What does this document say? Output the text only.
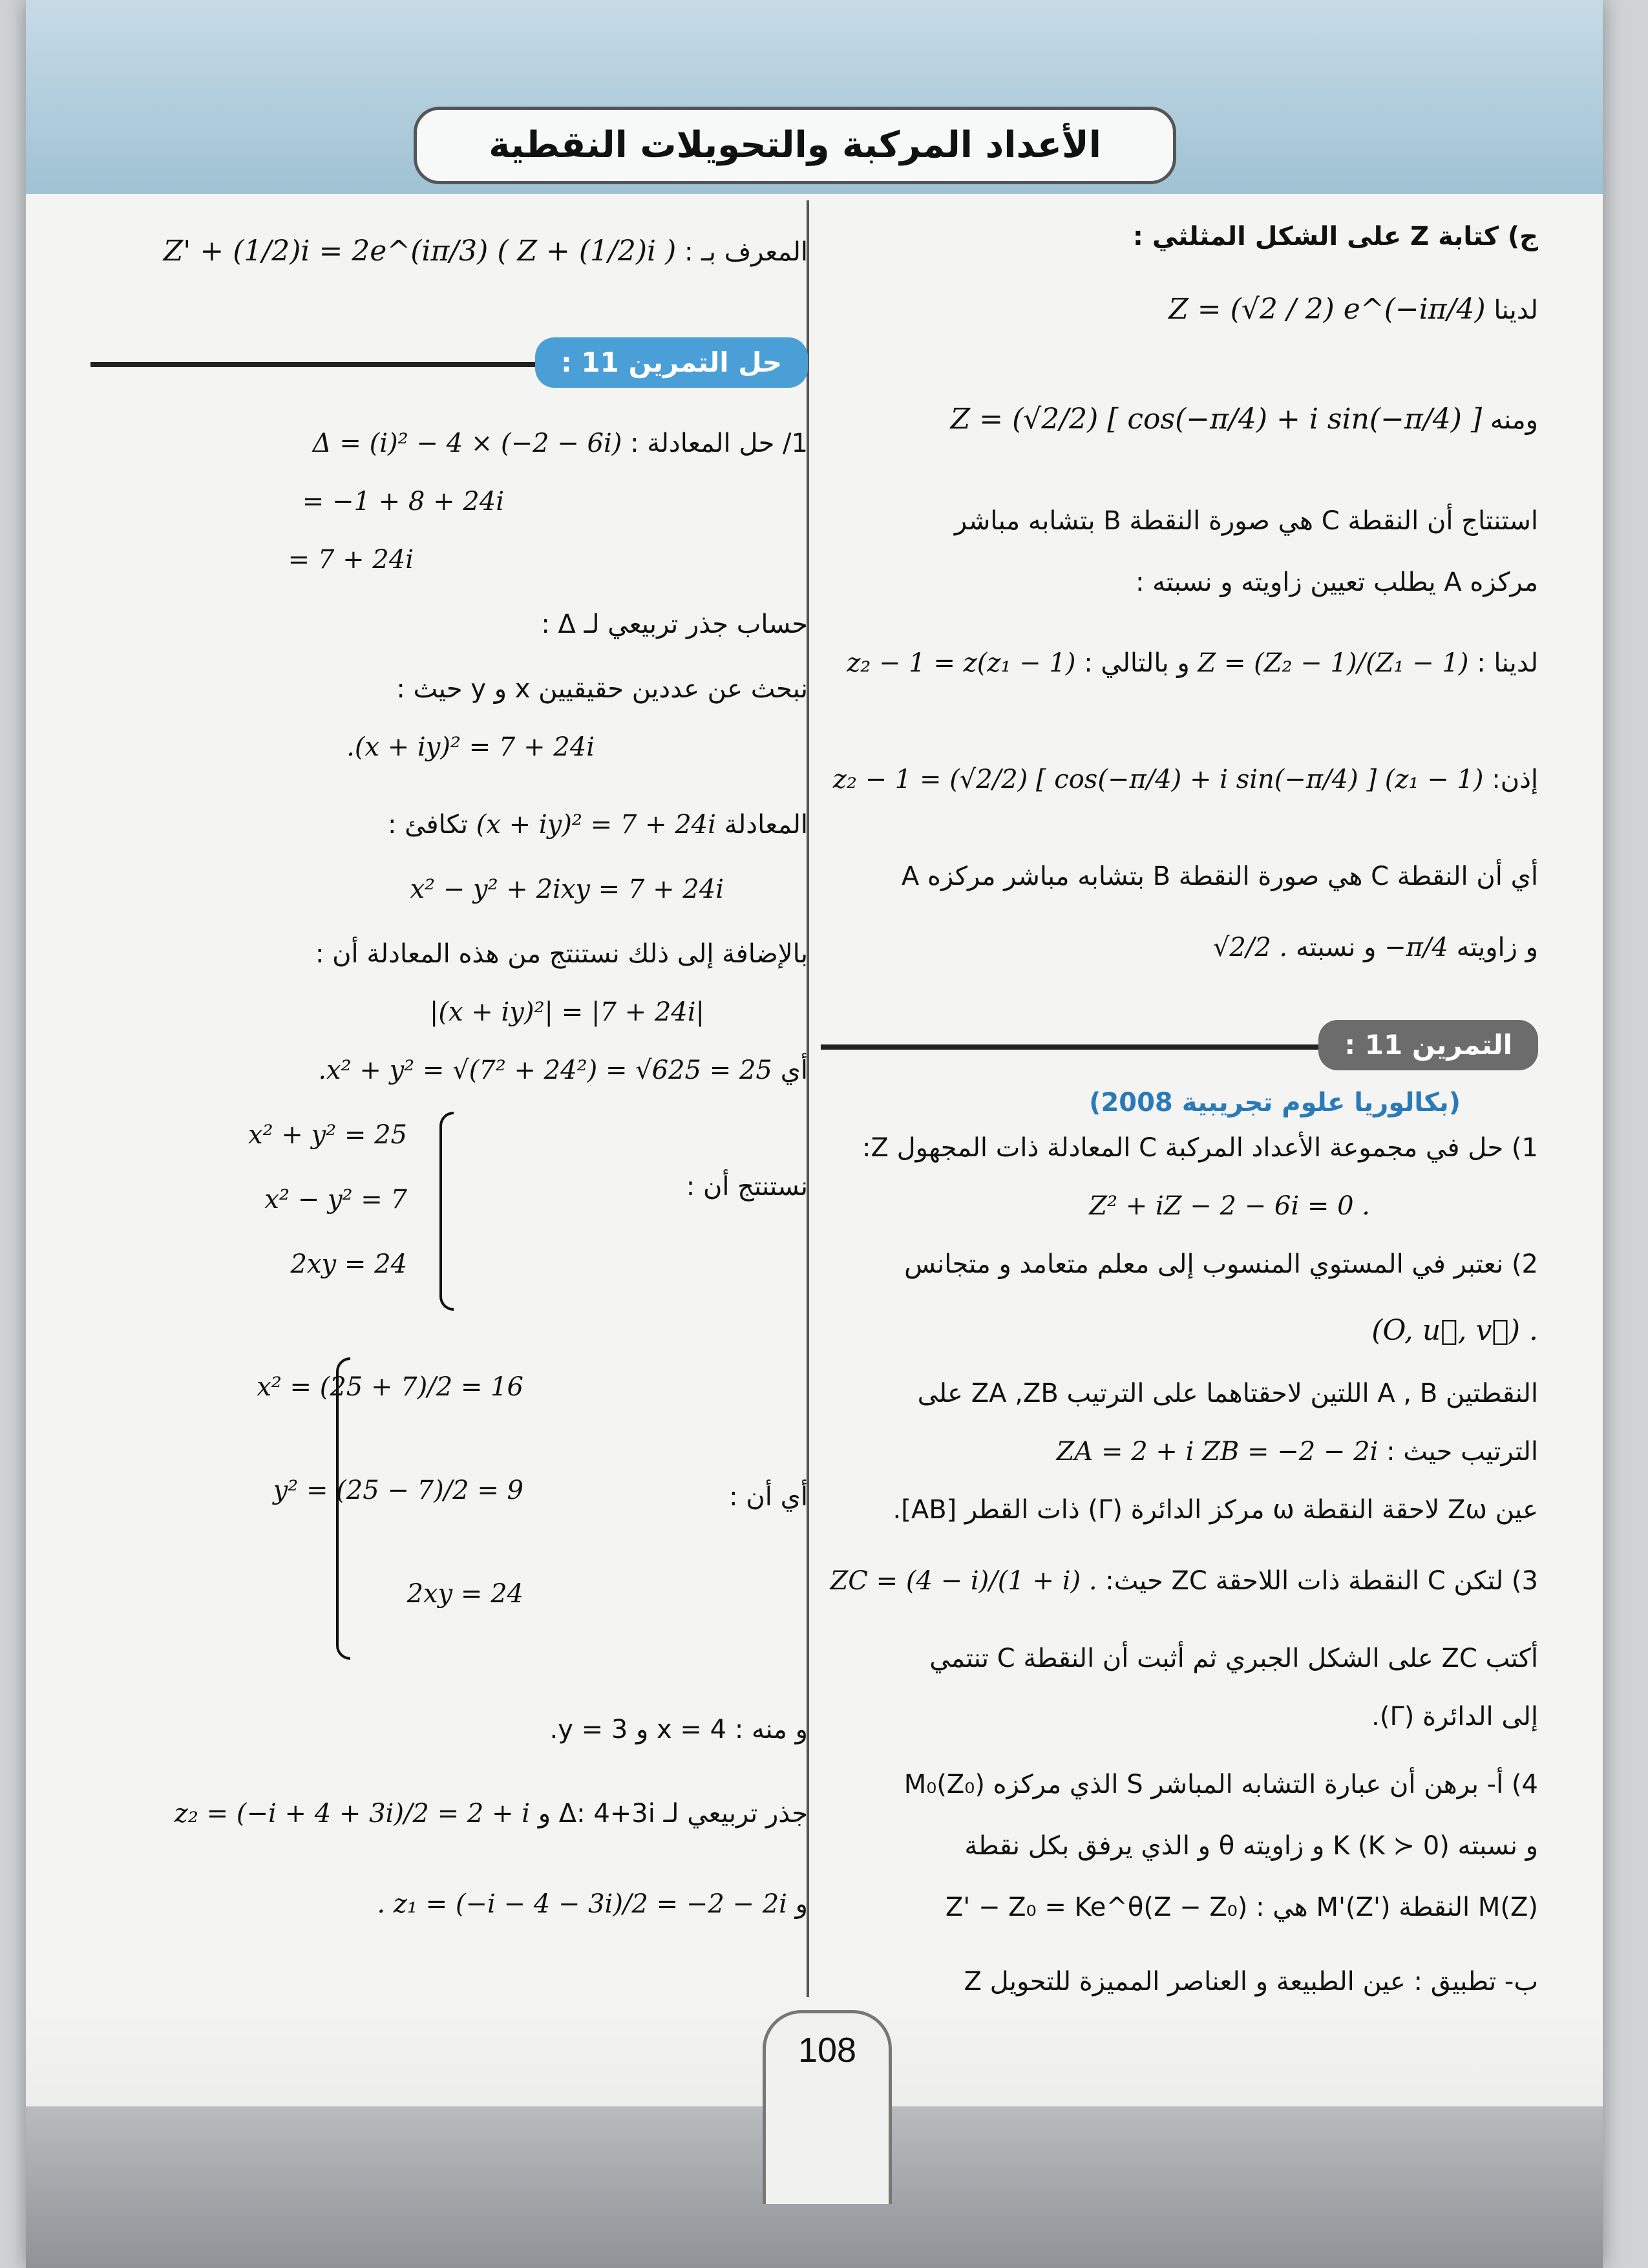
الأعداد المركبة والتحويلات النقطية
ج) كتابة Z على الشكل المثلثي :
لدينا Z = (√2 / 2) e^(−iπ/4)
ومنه Z = (√2/2) [ cos(−π/4) + i sin(−π/4) ]
استنتاج أن النقطة C هي صورة النقطة B بتشابه مباشر
مركزه A يطلب تعيين زاويته و نسبته :
لدينا : Z = (Z₂ − 1)/(Z₁ − 1) و بالتالي : z₂ − 1 = z(z₁ − 1)
إذن: z₂ − 1 = (√2/2) [ cos(−π/4) + i sin(−π/4) ] (z₁ − 1)
أي أن النقطة C هي صورة النقطة B بتشابه مباشر مركزه A
و زاويته −π/4 و نسبته √2/2 .
التمرين 11 :
(بكالوريا علوم تجريبية 2008)
1) حل في مجموعة الأعداد المركبة C المعادلة ذات المجهول Z:
Z² + iZ − 2 − 6i = 0 .
2) نعتبر في المستوي المنسوب إلى معلم متعامد و متجانس
(O, u⃗, v⃗) .
النقطتين A , B اللتين لاحقتاهما على الترتيب ZA ,ZB على
الترتيب حيث : ZA = 2 + i ZB = −2 − 2i
عين Zω لاحقة النقطة ω مركز الدائرة (Γ) ذات القطر [AB].
3) لتكن C النقطة ذات اللاحقة ZC حيث: ZC = (4 − i)/(1 + i) .
أكتب ZC على الشكل الجبري ثم أثبت أن النقطة C تنتمي
إلى الدائرة (Γ).
4) أ- برهن أن عبارة التشابه المباشر S الذي مركزه M₀(Z₀)
و نسبته K (K ≻ 0) و زاويته θ و الذي يرفق بكل نقطة
M(Z) النقطة M'(Z') هي : Z' − Z₀ = Ke^θ(Z − Z₀)
ب- تطبيق : عين الطبيعة و العناصر المميزة للتحويل Z
المعرف بـ : Z' + (1/2)i = 2e^(iπ/3) ( Z + (1/2)i )
حل التمرين 11 :
1/ حل المعادلة : Δ = (i)² − 4 × (−2 − 6i)
= −1 + 8 + 24i
= 7 + 24i
حساب جذر تربيعي لـ Δ :
نبحث عن عددين حقيقيين x و y حيث :
.(x + iy)² = 7 + 24i
المعادلة (x + iy)² = 7 + 24i تكافئ :
x² − y² + 2ixy = 7 + 24i
بالإضافة إلى ذلك نستنتج من هذه المعادلة أن :
|(x + iy)²| = |7 + 24i|
أي .x² + y² = √(7² + 24²) = √625 = 25
نستنتج أن :
x² + y² = 25
x² − y² = 7
2xy = 24
أي أن :
x² = (25 + 7)/2 = 16
y² = (25 − 7)/2 = 9
2xy = 24
و منه : x = 4 و y = 3.
جذر تربيعي لـ Δ: 4+3i و z₂ = (−i + 4 + 3i)/2 = 2 + i
و . z₁ = (−i − 4 − 3i)/2 = −2 − 2i
108
